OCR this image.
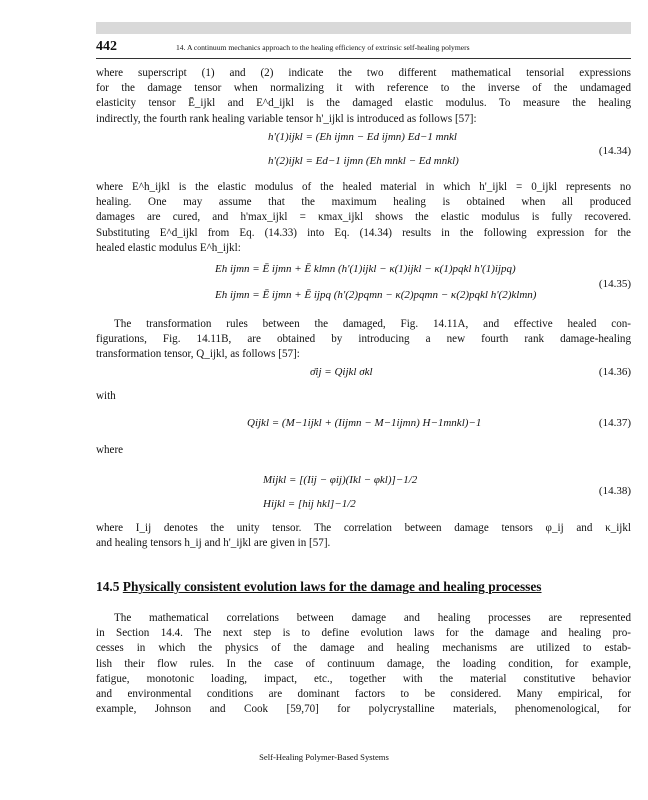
442	14. A continuum mechanics approach to the healing efficiency of extrinsic self-healing polymers
where superscript (1) and (2) indicate the two different mathematical tensorial expressions
for the damage tensor when normalizing it with reference to the inverse of the undamaged
elasticity tensor Ē_ijkl and E^d_ijkl is the damaged elastic modulus. To measure the healing
indirectly, the fourth rank healing variable tensor h'_ijkl is introduced as follows [57]:
h'(1)ijkl = (Eh ijmn − Ed ijmn) Ed−1 mnkl
h'(2)ijkl = Ed−1 ijmn (Eh mnkl − Ed mnkl)
(14.34)
where E^h_ijkl is the elastic modulus of the healed material in which h'_ijkl = 0_ijkl represents no
healing. One may assume that the maximum healing is obtained when all produced
damages are cured, and h'max_ijkl = κmax_ijkl shows the elastic modulus is fully recovered.
Substituting E^d_ijkl from Eq. (14.33) into Eq. (14.34) results in the following expression for the
healed elastic modulus E^h_ijkl:
Eh ijmn = Ē ijmn + Ē klmn (h'(1)ijkl − κ(1)ijkl − κ(1)pqkl h'(1)ijpq)
Eh ijmn = Ē ijmn + Ē ijpq (h'(2)pqmn − κ(2)pqmn − κ(2)pqkl h'(2)klmn)
(14.35)
The transformation rules between the damaged, Fig. 14.11A, and effective healed con-
figurations, Fig. 14.11B, are obtained by introducing a new fourth rank damage-healing
transformation tensor, Q_ijkl, as follows [57]:
σ̄ij = Qijkl σkl	(14.36)
with
Qijkl = (M−1ijkl + (Iijmn − M−1ijmn) H−1mnkl)−1	(14.37)
where
Mijkl = [(Iij − φij)(Ikl − φkl)]−1/2
Hijkl = [hij hkl]−1/2
(14.38)
where I_ij denotes the unity tensor. The correlation between damage tensors φ_ij and κ_ijkl
and healing tensors h_ij and h'_ijkl are given in [57].
14.5 Physically consistent evolution laws for the damage and healing processes
The mathematical correlations between damage and healing processes are represented
in Section 14.4. The next step is to define evolution laws for the damage and healing pro-
cesses in which the physics of the damage and healing mechanisms are utilized to estab-
lish their flow rules. In the case of continuum damage, the loading condition, for example,
fatigue, monotonic loading, impact, etc., together with the material constitutive behavior
and environmental conditions are dominant factors to be considered. Many empirical, for
example, Johnson and Cook [59,70] for polycrystalline materials, phenomenological, for
Self-Healing Polymer-Based Systems
